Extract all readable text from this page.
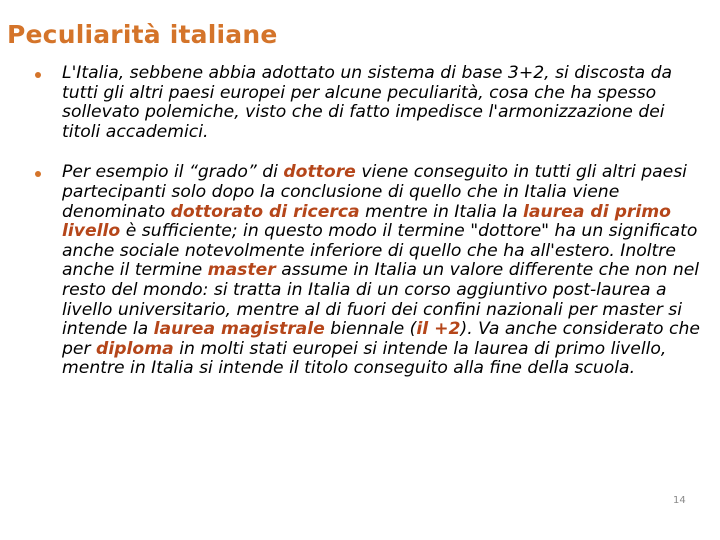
Peculiarità italiane
L'Italia, sebbene abbia adottato un sistema di base 3+2, si discosta da tutti gli altri paesi europei per alcune peculiarità, cosa che ha spesso sollevato polemiche, visto che di fatto impedisce l'armonizzazione dei titoli accademici.
Per esempio il “grado” di dottore viene conseguito in tutti gli altri paesi partecipanti solo dopo la conclusione di quello che in Italia viene denominato dottorato di ricerca mentre in Italia la laurea di primo livello è sufficiente; in questo modo il termine "dottore" ha un significato anche sociale notevolmente inferiore di quello che ha all'estero. Inoltre anche il termine master assume in Italia un valore differente che non nel resto del mondo: si tratta in Italia di un corso aggiuntivo post-laurea a livello universitario, mentre al di fuori dei confini nazionali per master si intende la laurea magistrale biennale (il +2). Va anche considerato che per diploma in molti stati europei si intende la laurea di primo livello, mentre in Italia si intende il titolo conseguito alla fine della scuola.
14
